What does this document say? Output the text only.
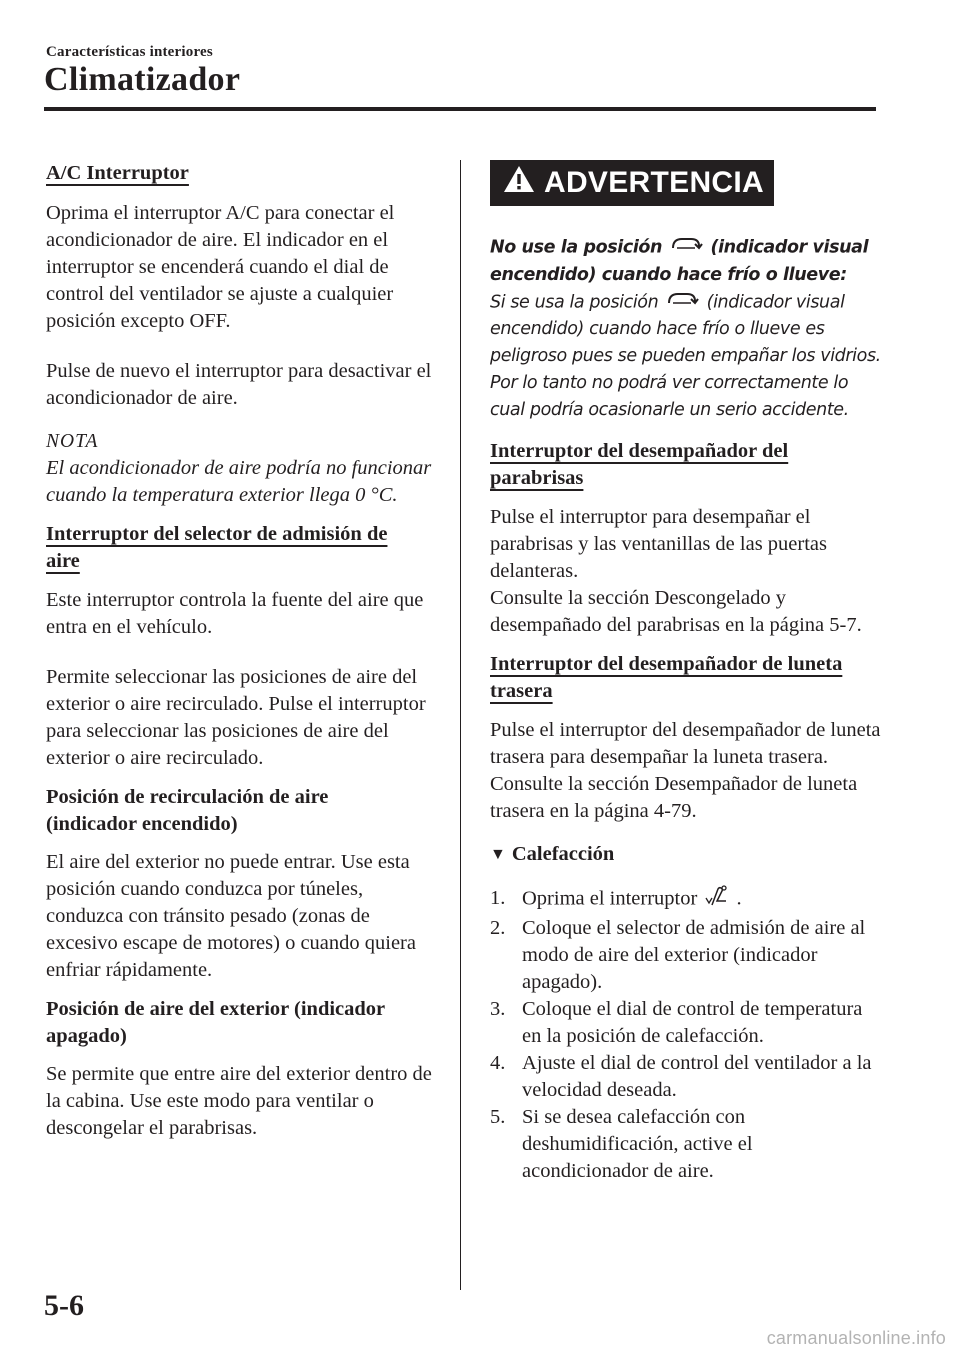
Características interiores
Climatizador
A/C Interruptor

Oprima el interruptor A/C para conectar el acondicionador de aire. El indicador en el interruptor se encenderá cuando el dial de control del ventilador se ajuste a cualquier posición excepto OFF.

Pulse de nuevo el interruptor para desactivar el acondicionador de aire.

NOTA
El acondicionador de aire podría no funcionar cuando la temperatura exterior llega 0 °C.
Interruptor del selector de admisión de
aire

Este interruptor controla la fuente del aire que entra en el vehículo.

Permite seleccionar las posiciones de aire del exterior o aire recirculado. Pulse el interruptor para seleccionar las posiciones de aire del exterior o aire recirculado.

Posición de recirculación de aire
(indicador encendido)

El aire del exterior no puede entrar. Use esta posición cuando conduzca por túneles, conduzca con tránsito pesado (zonas de excesivo escape de motores) o cuando quiera enfriar rápidamente.

Posición de aire del exterior (indicador
apagado)

Se permite que entre aire del exterior dentro de la cabina. Use este modo para ventilar o descongelar el parabrisas.

ADVERTENCIA
No use la posición	(indicador visual encendido) cuando hace frío o llueve:
Si se usa la posición	(indicador visual encendido) cuando hace frío o llueve es peligroso pues se pueden empañar los vidrios. Por lo tanto no podrá ver correctamente lo cual podría ocasionarle un serio accidente.
Interruptor del desempañador del
parabrisas

Pulse el interruptor para desempañar el parabrisas y las ventanillas de las puertas delanteras.

Consulte la sección Descongelado y desempañado del parabrisas en la página 5-7.

Interruptor del desempañador de luneta
trasera

Pulse el interruptor del desempañador de luneta trasera para desempañar la luneta trasera.

Consulte la sección Desempañador de luneta trasera en la página 4-79.

▼ Calefacción
1. Oprima el interruptor .
2. Coloque el selector de admisión de aire al modo de aire del exterior (indicador apagado).
3. Coloque el dial de control de temperatura en la posición de calefacción.
4. Ajuste el dial de control del ventilador a la velocidad deseada.
5. Si se desea calefacción con deshumidificación, active el acondicionador de aire.
5-6
carmanualsonline.info
